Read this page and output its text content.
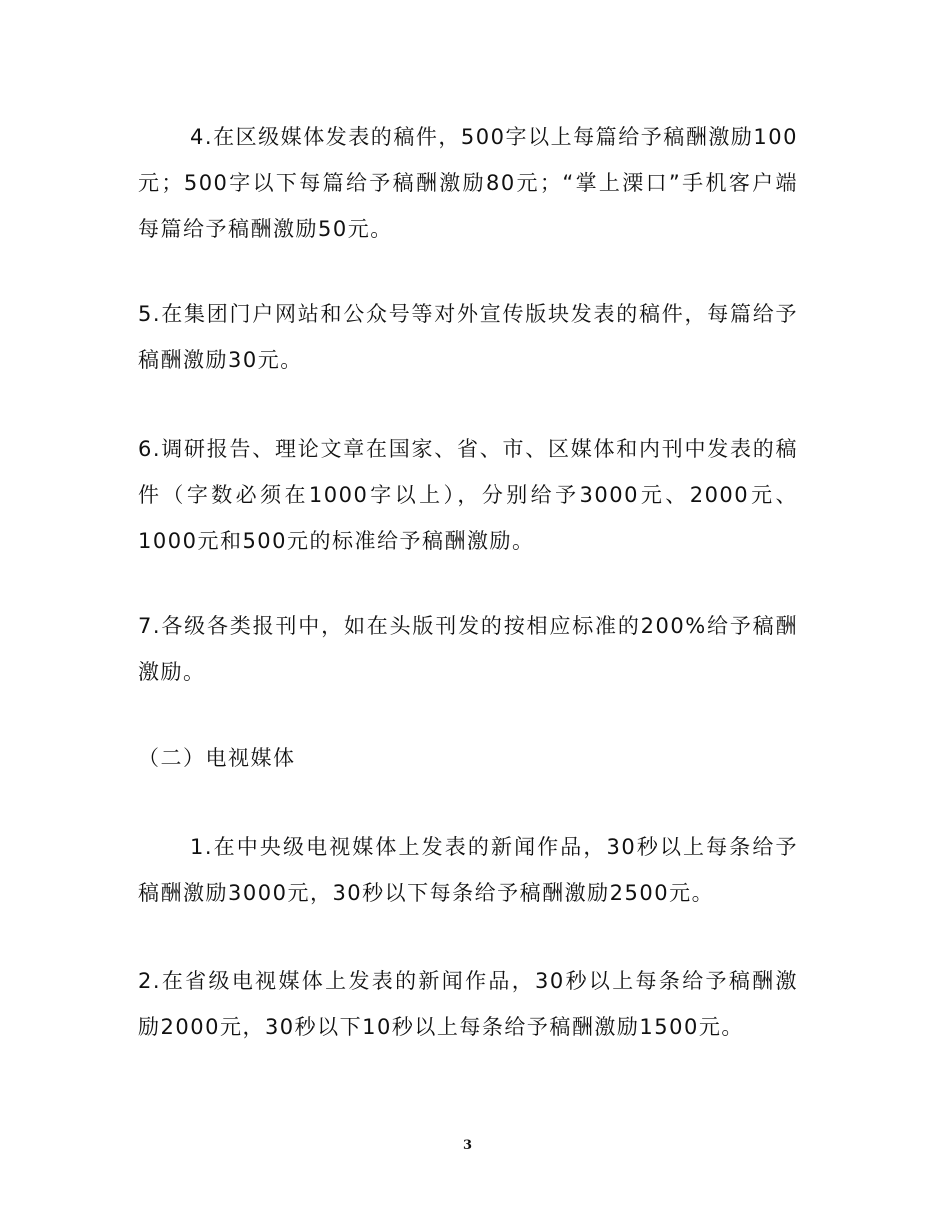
4.在区级媒体发表的稿件，500字以上每篇给予稿酬激励100元；500字以下每篇给予稿酬激励80元；“掌上溧口”手机客户端每篇给予稿酬激励50元。

5.在集团门户网站和公众号等对外宣传版块发表的稿件，每篇给予稿酬激励30元。

6.调研报告、理论文章在国家、省、市、区媒体和内刊中发表的稿件（字数必须在1000字以上），分别给予3000元、2000元、1000元和500元的标准给予稿酬激励。

7.各级各类报刊中，如在头版刊发的按相应标准的200%给予稿酬激励。

（二）电视媒体

1.在中央级电视媒体上发表的新闻作品，30秒以上每条给予稿酬激励3000元，30秒以下每条给予稿酬激励2500元。

2.在省级电视媒体上发表的新闻作品，30秒以上每条给予稿酬激励2000元，30秒以下10秒以上每条给予稿酬激励1500元。

3
